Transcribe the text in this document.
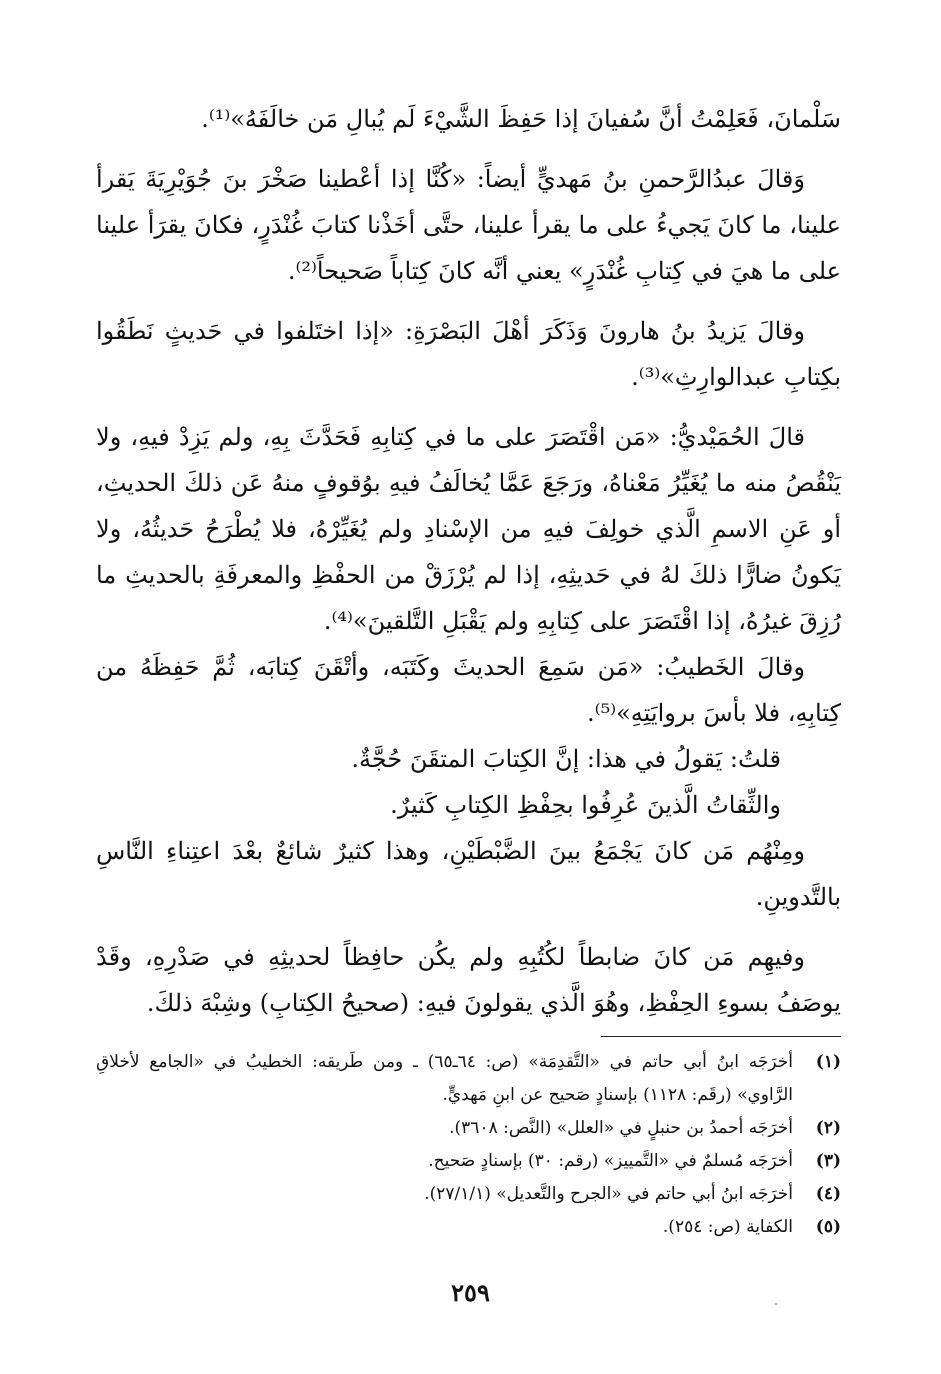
سَلْمانَ، فَعَلِمْتُ أنَّ سُفيانَ إذا حَفِظَ الشَّيْءَ لَم يُبالِ مَن خالَفَهُ»⁽¹⁾.

وَقالَ عبدُالرَّحمنِ بنُ مَهديٍّ أيضاً: «كُنَّا إذا أعْطينا صَخْرَ بنَ جُوَيْرِيَةَ يَقرأ علينا، ما كانَ يَجيءُ على ما يقرأ علينا، حتَّى أخَذْنا كتابَ غُنْدَرٍ، فكانَ يقرَأ علينا على ما هيَ في كِتابِ غُنْدَرٍ» يعني أنَّه كانَ كِتاباً صَحيحاً⁽²⁾.

وقالَ يَزيدُ بنُ هارونَ وَذَكَرَ أهْلَ البَصْرَةِ: «إذا اختَلفوا في حَديثٍ نَطَقُوا بكِتابِ عبدالوارِثِ»⁽³⁾.

قالَ الحُمَيْديُّ: «مَن اقْتَصَرَ على ما في كِتابِهِ فَحَدَّثَ بِهِ، ولم يَزِدْ فيهِ، ولا يَنْقُصُ منه ما يُغَيِّرُ مَعْناهُ، ورَجَعَ عَمَّا يُخالَفُ فيهِ بوُقوفٍ منهُ عَن ذلكَ الحديثِ، أو عَنِ الاسمِ الَّذي خولِفَ فيهِ من الإسْنادِ ولم يُغَيِّرْهُ، فلا يُطْرَحُ حَديثُهُ، ولا يَكونُ ضارًّا ذلكَ لهُ في حَديثِهِ، إذا لم يُرْزَقْ من الحفْظِ والمعرفَةِ بالحديثِ ما رُزِقَ غيرُهُ، إذا اقْتَصَرَ على كِتابِهِ ولم يَقْبَلِ التَّلقينَ»⁽⁴⁾.

وقالَ الخَطيبُ: «مَن سَمِعَ الحديثَ وكَتَبَه، وأتْقَنَ كِتابَه، ثُمَّ حَفِظَهُ من كِتابِهِ، فلا بأسَ بروايَتِهِ»⁽⁵⁾.

قلتُ: يَقولُ في هذا: إنَّ الكِتابَ المتقَنَ حُجَّةٌ.

والثِّقاتُ الَّذينَ عُرِفُوا بحِفْظِ الكِتابِ كَثيرٌ.

ومِنْهُم مَن كانَ يَجْمَعُ بينَ الضَّبْطَيْنِ، وهذا كثيرٌ شائعٌ بعْدَ اعتِناءِ النَّاسِ بالتَّدوينِ.

وفيهِم مَن كانَ ضابطاً لكُتُبِهِ ولم يكُن حافِظاً لحديثِهِ في صَدْرِهِ، وقَدْ يوصَفُ بسوءِ الحِفْظِ، وهُوَ الَّذي يقولونَ فيهِ: (صحيحُ الكِتابِ) وشِبْهَ ذلكَ.

(١)
أخرَجَه ابنُ أبي حاتم في «التَّقدِمَة» (ص: ٦٤ـ٦٥) ـ ومن طَريقه: الخطيبُ في «الجامع لأخلاقِ الرَّاوي» (رقَم: ١١٢٨) بإسنادٍ صَحيح عن ابنِ مَهديٍّ.
(٢)
أخرَجَه أحمدُ بن حنبلٍ في «العلل» (النَّص: ٣٦٠٨).
(٣)
أخرَجَه مُسلمٌ في «التَّمييز» (رقم: ٣٠) بإسنادٍ صَحيح.
(٤)
أخرَجَه ابنُ أبي حاتم في «الجرح والتَّعديل» (٢٧/١/١).
(٥)
الكفاية (ص: ٢٥٤).
٢٥٩
